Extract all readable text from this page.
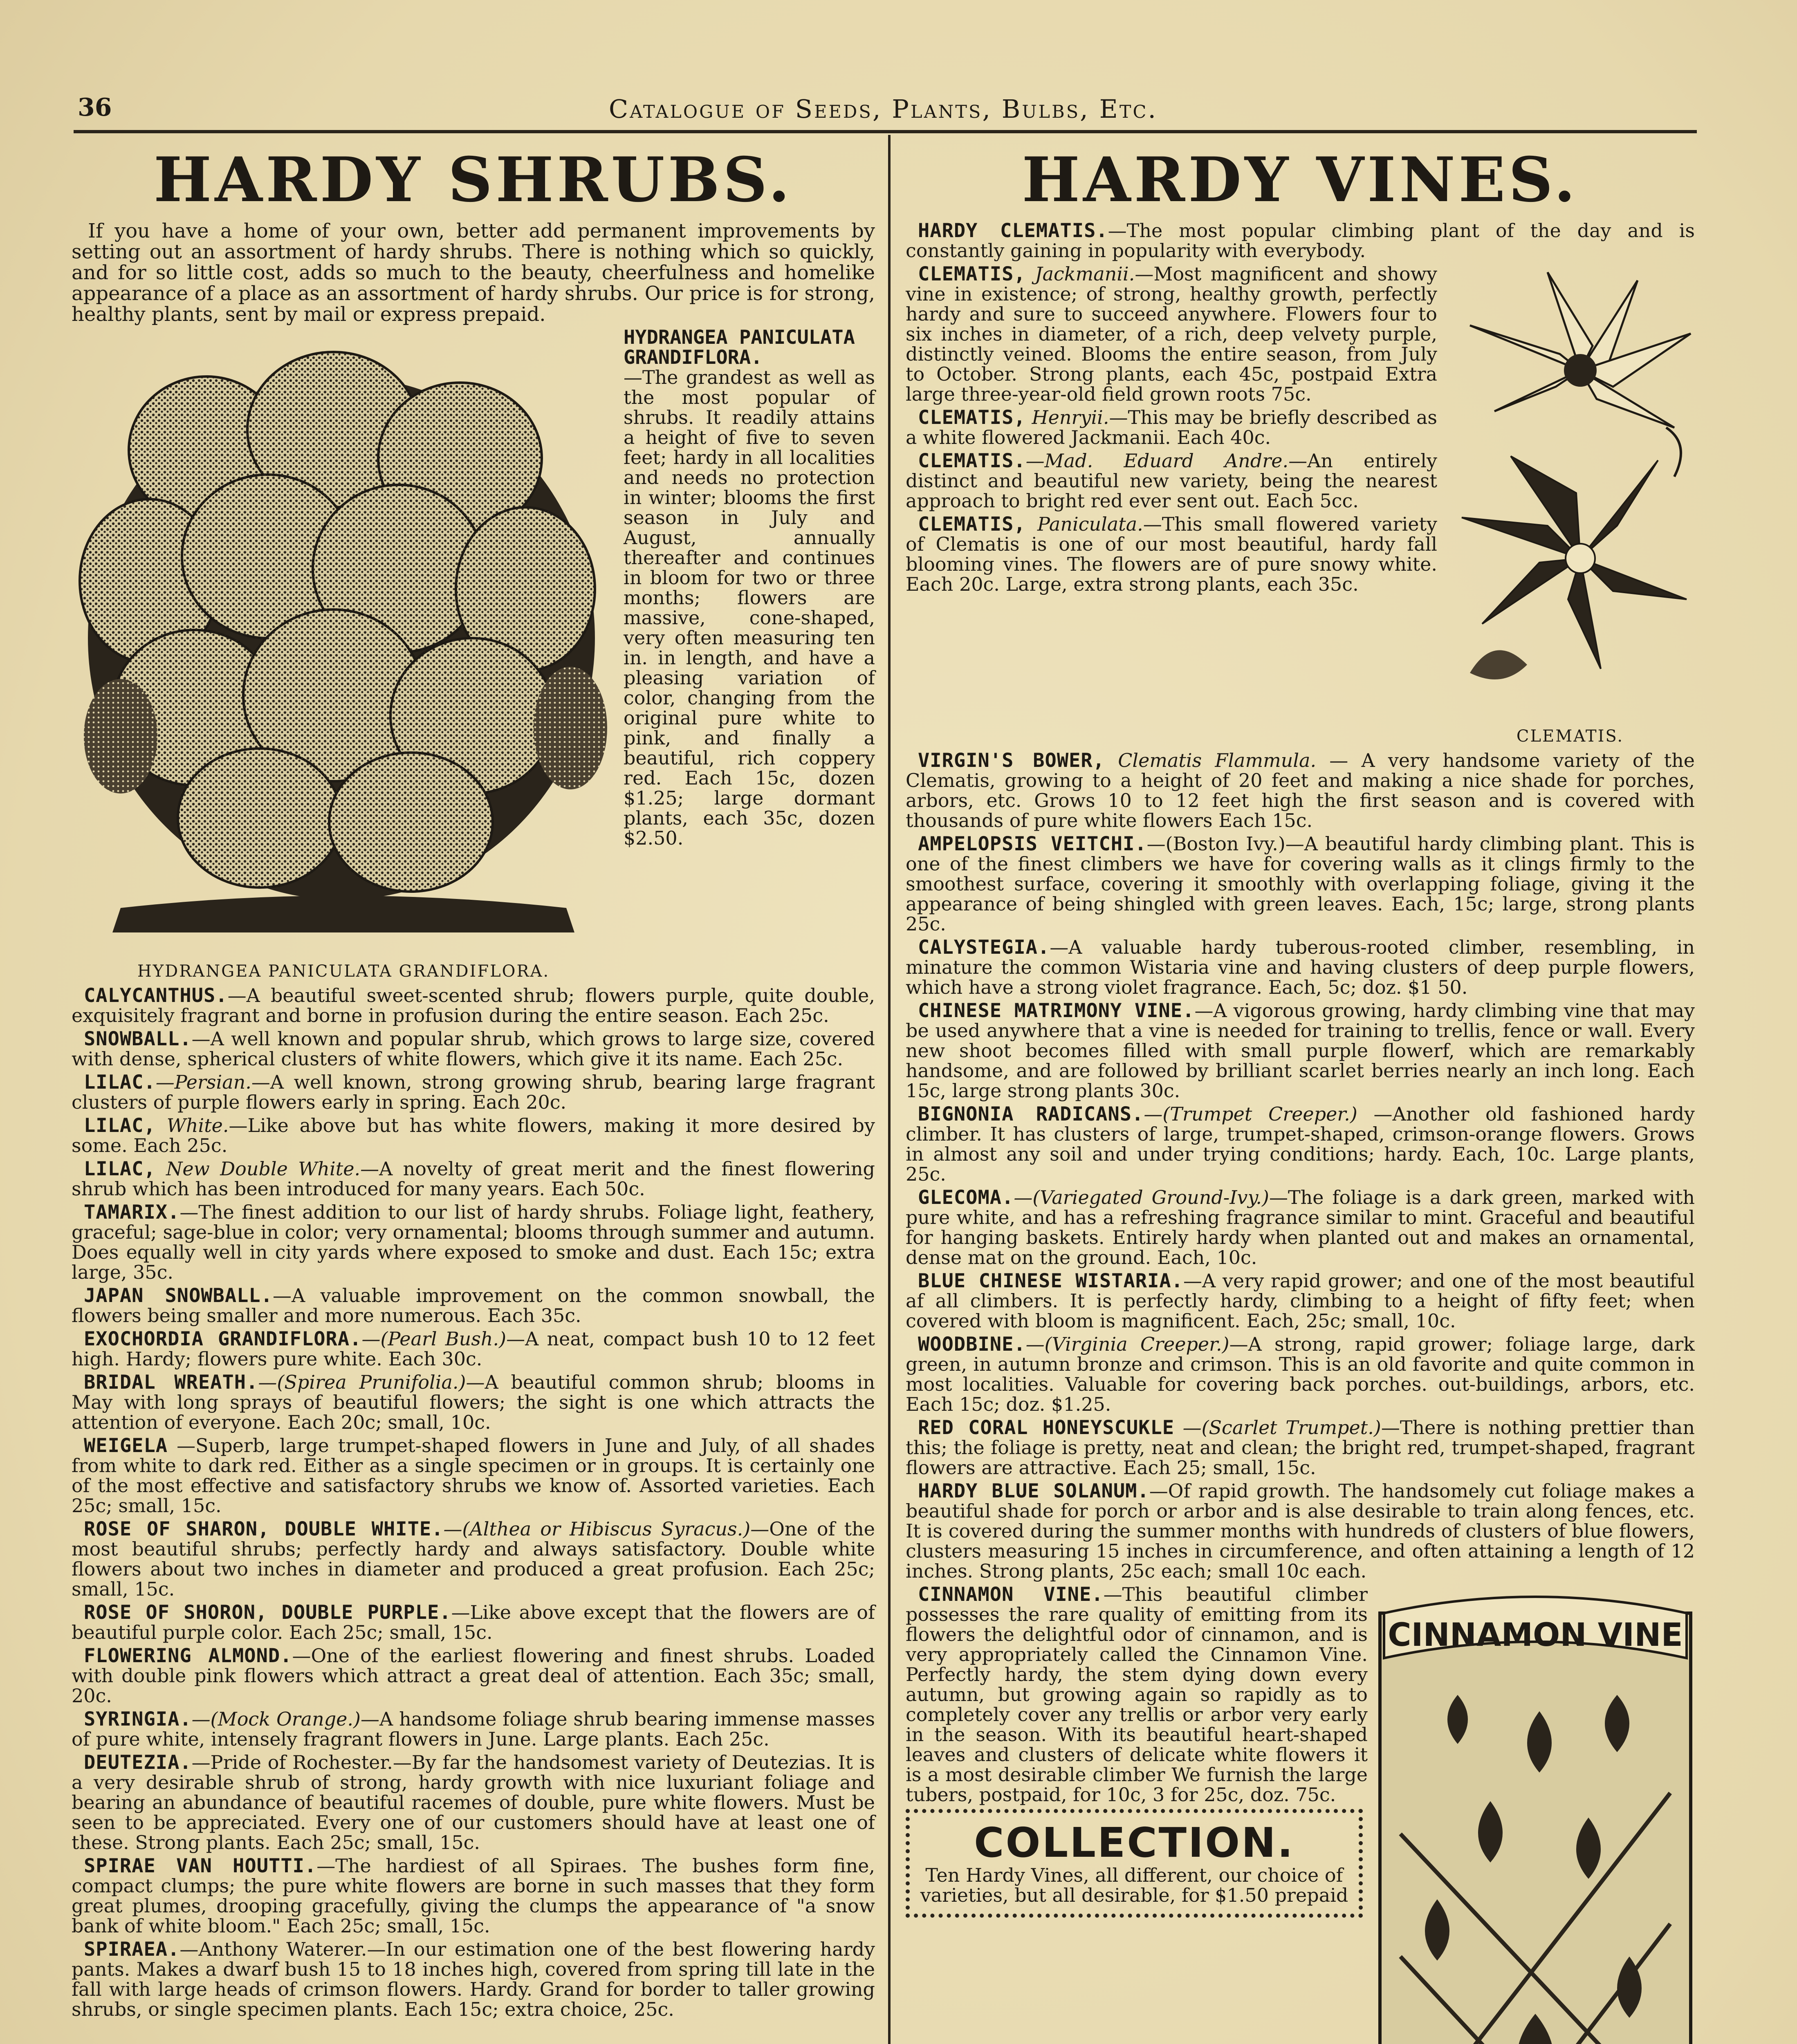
36	Catalogue of Seeds, Plants, Bulbs, Etc.
HARDY SHRUBS.

If you have a home of your own, better add permanent improvements by setting out an assortment of hardy shrubs. There is nothing which so quickly, and for so little cost, adds so much to the beauty, cheerfulness and homelike appearance of a place as an assortment of hardy shrubs. Our price is for strong, healthy plants, sent by mail or express prepaid.

HYDRANGEA PANICULATA GRANDIFLORA.
HYDRANGEA PANICULATA GRANDIFLORA.

—The grandest as well as the most popular of shrubs. It readily attains a height of five to seven feet; hardy in all localities and needs no protection in winter; blooms the first season in July and August, annually thereafter and continues in bloom for two or three months; flowers are massive, cone-shaped, very often measuring ten in. in length, and have a pleasing variation of color, changing from the original pure white to pink, and finally a beautiful, rich coppery red. Each 15c, dozen $1.25; large dormant plants, each 35c, dozen $2.50.

CALYCANTHUS.—A beautiful sweet-scented shrub; flowers purple, quite double, exquisitely fragrant and borne in profusion during the entire season. Each 25c.

SNOWBALL.—A well known and popular shrub, which grows to large size, covered with dense, spherical clusters of white flowers, which give it its name. Each 25c.

LILAC.—Persian.—A well known, strong growing shrub, bearing large fragrant clusters of purple flowers early in spring. Each 20c.

LILAC, White.—Like above but has white flowers, making it more desired by some. Each 25c.

LILAC, New Double White.—A novelty of great merit and the finest flowering shrub which has been introduced for many years. Each 50c.

TAMARIX.—The finest addition to our list of hardy shrubs. Foliage light, feathery, graceful; sage-blue in color; very ornamental; blooms through summer and autumn. Does equally well in city yards where exposed to smoke and dust. Each 15c; extra large, 35c.

JAPAN SNOWBALL.—A valuable improvement on the common snowball, the flowers being smaller and more numerous. Each 35c.

EXOCHORDIA GRANDIFLORA.—(Pearl Bush.)—A neat, compact bush 10 to 12 feet high. Hardy; flowers pure white. Each 30c.

BRIDAL WREATH.—(Spirea Prunifolia.)—A beautiful common shrub; blooms in May with long sprays of beautiful flowers; the sight is one which attracts the attention of everyone. Each 20c; small, 10c.

WEIGELA —Superb, large trumpet-shaped flowers in June and July, of all shades from white to dark red. Either as a single specimen or in groups. It is certainly one of the most effective and satisfactory shrubs we know of. Assorted varieties. Each 25c; small, 15c.

ROSE OF SHARON, DOUBLE WHITE.—(Althea or Hibiscus Syracus.)—One of the most beautiful shrubs; perfectly hardy and always satisfactory. Double white flowers about two inches in diameter and produced a great profusion. Each 25c; small, 15c.

ROSE OF SHORON, DOUBLE PURPLE.—Like above except that the flowers are of beautiful purple color. Each 25c; small, 15c.

FLOWERING ALMOND.—One of the earliest flowering and finest shrubs. Loaded with double pink flowers which attract a great deal of attention. Each 35c; small, 20c.

SYRINGIA.—(Mock Orange.)—A handsome foliage shrub bearing immense masses of pure white, intensely fragrant flowers in June. Large plants. Each 25c.

DEUTEZIA.—Pride of Rochester.—By far the handsomest variety of Deutezias. It is a very desirable shrub of strong, hardy growth with nice luxuriant foliage and bearing an abundance of beautiful racemes of double, pure white flowers. Must be seen to be appreciated. Every one of our customers should have at least one of these. Strong plants. Each 25c; small, 15c.

SPIRAE VAN HOUTTI.—The hardiest of all Spiraes. The bushes form fine, compact clumps; the pure white flowers are borne in such masses that they form great plumes, drooping gracefully, giving the clumps the appearance of "a snow bank of white bloom." Each 25c; small, 15c.

SPIRAEA.—Anthony Waterer.—In our estimation one of the best flowering hardy pants. Makes a dwarf bush 15 to 18 inches high, covered from spring till late in the fall with large heads of crimson flowers. Hardy. Grand for border to taller growing shrubs, or single specimen plants. Each 15c; extra choice, 25c.

HARDY VINES.

HARDY CLEMATIS.—The most popular climbing plant of the day and is constantly gaining in popularity with everybody.

CLEMATIS.

CLEMATIS, Jackmanii.—Most magnificent and showy vine in existence; of strong, healthy growth, perfectly hardy and sure to succeed anywhere. Flowers four to six inches in diameter, of a rich, deep velvety purple, distinctly veined. Blooms the entire season, from July to October. Strong plants, each 45c, postpaid Extra large three-year-old field grown roots 75c.

CLEMATIS, Henryii.—This may be briefly described as a white flowered Jackmanii. Each 40c.

CLEMATIS.—Mad. Eduard Andre.—An entirely distinct and beautiful new variety, being the nearest approach to bright red ever sent out. Each 5cc.

CLEMATIS, Paniculata.—This small flowered variety of Clematis is one of our most beautiful, hardy fall blooming vines. The flowers are of pure snowy white. Each 20c. Large, extra strong plants, each 35c.

VIRGIN'S BOWER, Clematis Flammula. — A very handsome variety of the Clematis, growing to a height of 20 feet and making a nice shade for porches, arbors, etc. Grows 10 to 12 feet high the first season and is covered with thousands of pure white flowers Each 15c.

AMPELOPSIS VEITCHI.—(Boston Ivy.)—A beautiful hardy climbing plant. This is one of the finest climbers we have for covering walls as it clings firmly to the smoothest surface, covering it smoothly with overlapping foliage, giving it the appearance of being shingled with green leaves. Each, 15c; large, strong plants 25c.

CALYSTEGIA.—A valuable hardy tuberous-rooted climber, resembling, in minature the common Wistaria vine and having clusters of deep purple flowers, which have a strong violet fragrance. Each, 5c; doz. $1 50.

CHINESE MATRIMONY VINE.—A vigorous growing, hardy climbing vine that may be used anywhere that a vine is needed for training to trellis, fence or wall. Every new shoot becomes filled with small purple flowerf, which are remarkably handsome, and are followed by brilliant scarlet berries nearly an inch long. Each 15c, large strong plants 30c.

BIGNONIA RADICANS.—(Trumpet Creeper.) —Another old fashioned hardy climber. It has clusters of large, trumpet-shaped, crimson-orange flowers. Grows in almost any soil and under trying conditions; hardy. Each, 10c. Large plants, 25c.

GLECOMA.—(Variegated Ground-Ivy.)—The foliage is a dark green, marked with pure white, and has a refreshing fragrance similar to mint. Graceful and beautiful for hanging baskets. Entirely hardy when planted out and makes an ornamental, dense mat on the ground. Each, 10c.

BLUE CHINESE WISTARIA.—A very rapid grower; and one of the most beautiful af all climbers. It is perfectly hardy, climbing to a height of fifty feet; when covered with bloom is magnificent. Each, 25c; small, 10c.

WOODBINE.—(Virginia Creeper.)—A strong, rapid grower; foliage large, dark green, in autumn bronze and crimson. This is an old favorite and quite common in most localities. Valuable for covering back porches. out-buildings, arbors, etc. Each 15c; doz. $1.25.

RED CORAL HONEYSCUKLE —(Scarlet Trumpet.)—There is nothing prettier than this; the foliage is pretty, neat and clean; the bright red, trumpet-shaped, fragrant flowers are attractive. Each 25; small, 15c.

HARDY BLUE SOLANUM.—Of rapid growth. The handsomely cut foliage makes a beautiful shade for porch or arbor and is alse desirable to train along fences, etc. It is covered during the summer months with hundreds of clusters of blue flowers, clusters measuring 15 inches in circumference, and often attaining a length of 12 inches. Strong plants, 25c each; small 10c each.

CINNAMON VINE

CINNAMON VINE.—This beautiful climber possesses the rare quality of emitting from its flowers the delightful odor of cinnamon, and is very appropriately called the Cinnamon Vine. Perfectly hardy, the stem dying down every autumn, but growing again so rapidly as to completely cover any trellis or arbor very early in the season. With its beautiful heart-shaped leaves and clusters of delicate white flowers it is a most desirable climber We furnish the large tubers, postpaid, for 10c, 3 for 25c, doz. 75c.

COLLECTION.
Ten Hardy Vines, all different, our choice of varieties, but all desirable, for $1.50 prepaid
